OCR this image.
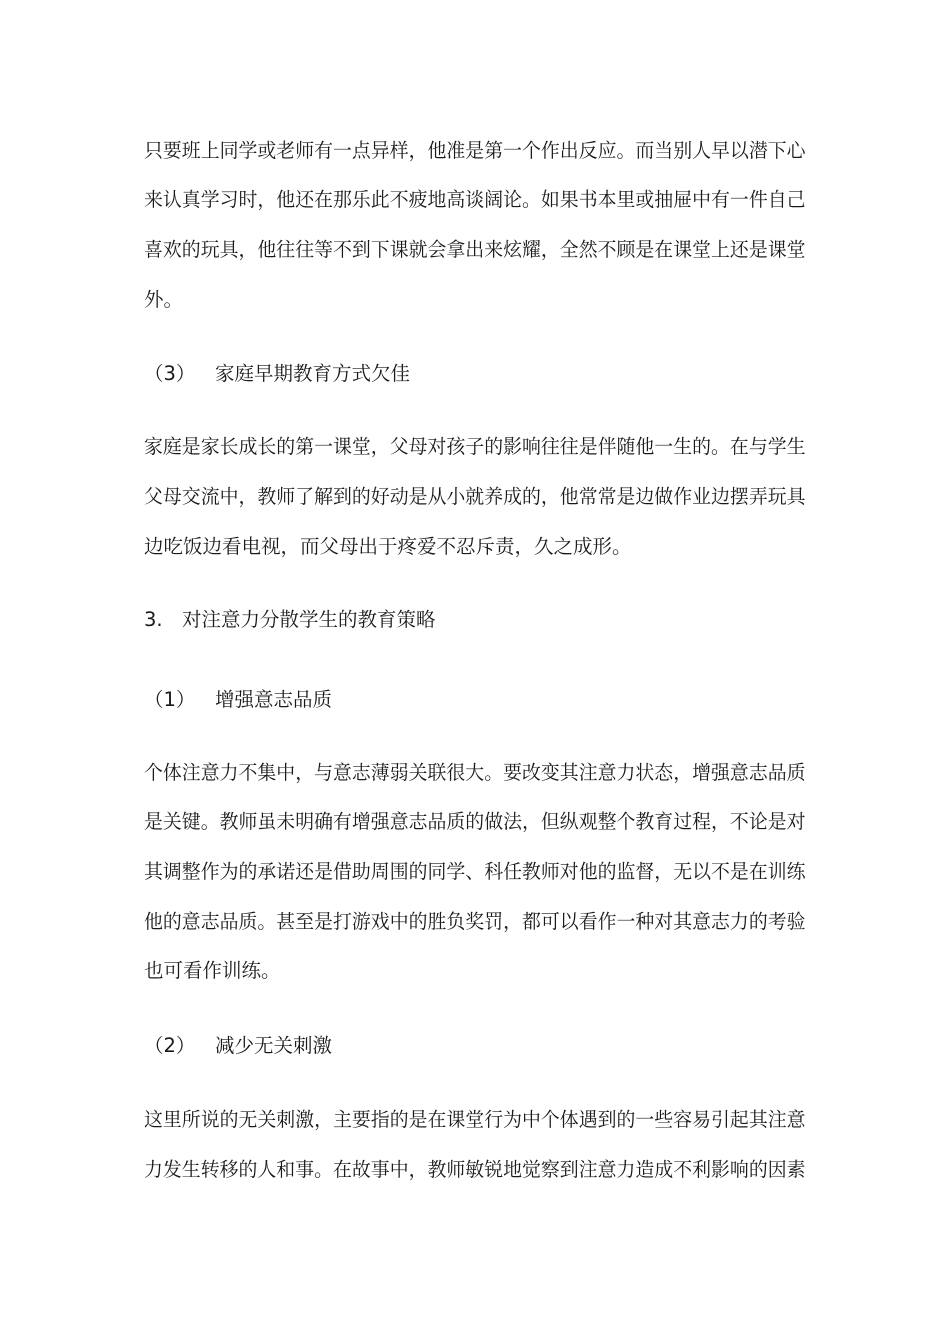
只要班上同学或老师有一点异样，他准是第一个作出反应。而当别人早以潜下心
来认真学习时，他还在那乐此不疲地高谈阔论。如果书本里或抽屉中有一件自己
喜欢的玩具，他往往等不到下课就会拿出来炫耀，全然不顾是在课堂上还是课堂
外。
（3） 家庭早期教育方式欠佳
家庭是家长成长的第一课堂，父母对孩子的影响往往是伴随他一生的。在与学生
父母交流中，教师了解到的好动是从小就养成的，他常常是边做作业边摆弄玩具
边吃饭边看电视，而父母出于疼爱不忍斥责，久之成形。
3. 对注意力分散学生的教育策略
（1） 增强意志品质
个体注意力不集中，与意志薄弱关联很大。要改变其注意力状态，增强意志品质
是关键。教师虽未明确有增强意志品质的做法，但纵观整个教育过程，不论是对
其调整作为的承诺还是借助周围的同学、科任教师对他的监督，无以不是在训练
他的意志品质。甚至是打游戏中的胜负奖罚，都可以看作一种对其意志力的考验
也可看作训练。
（2） 减少无关刺激
这里所说的无关刺激，主要指的是在课堂行为中个体遇到的一些容易引起其注意
力发生转移的人和事。在故事中，教师敏锐地觉察到注意力造成不利影响的因素
